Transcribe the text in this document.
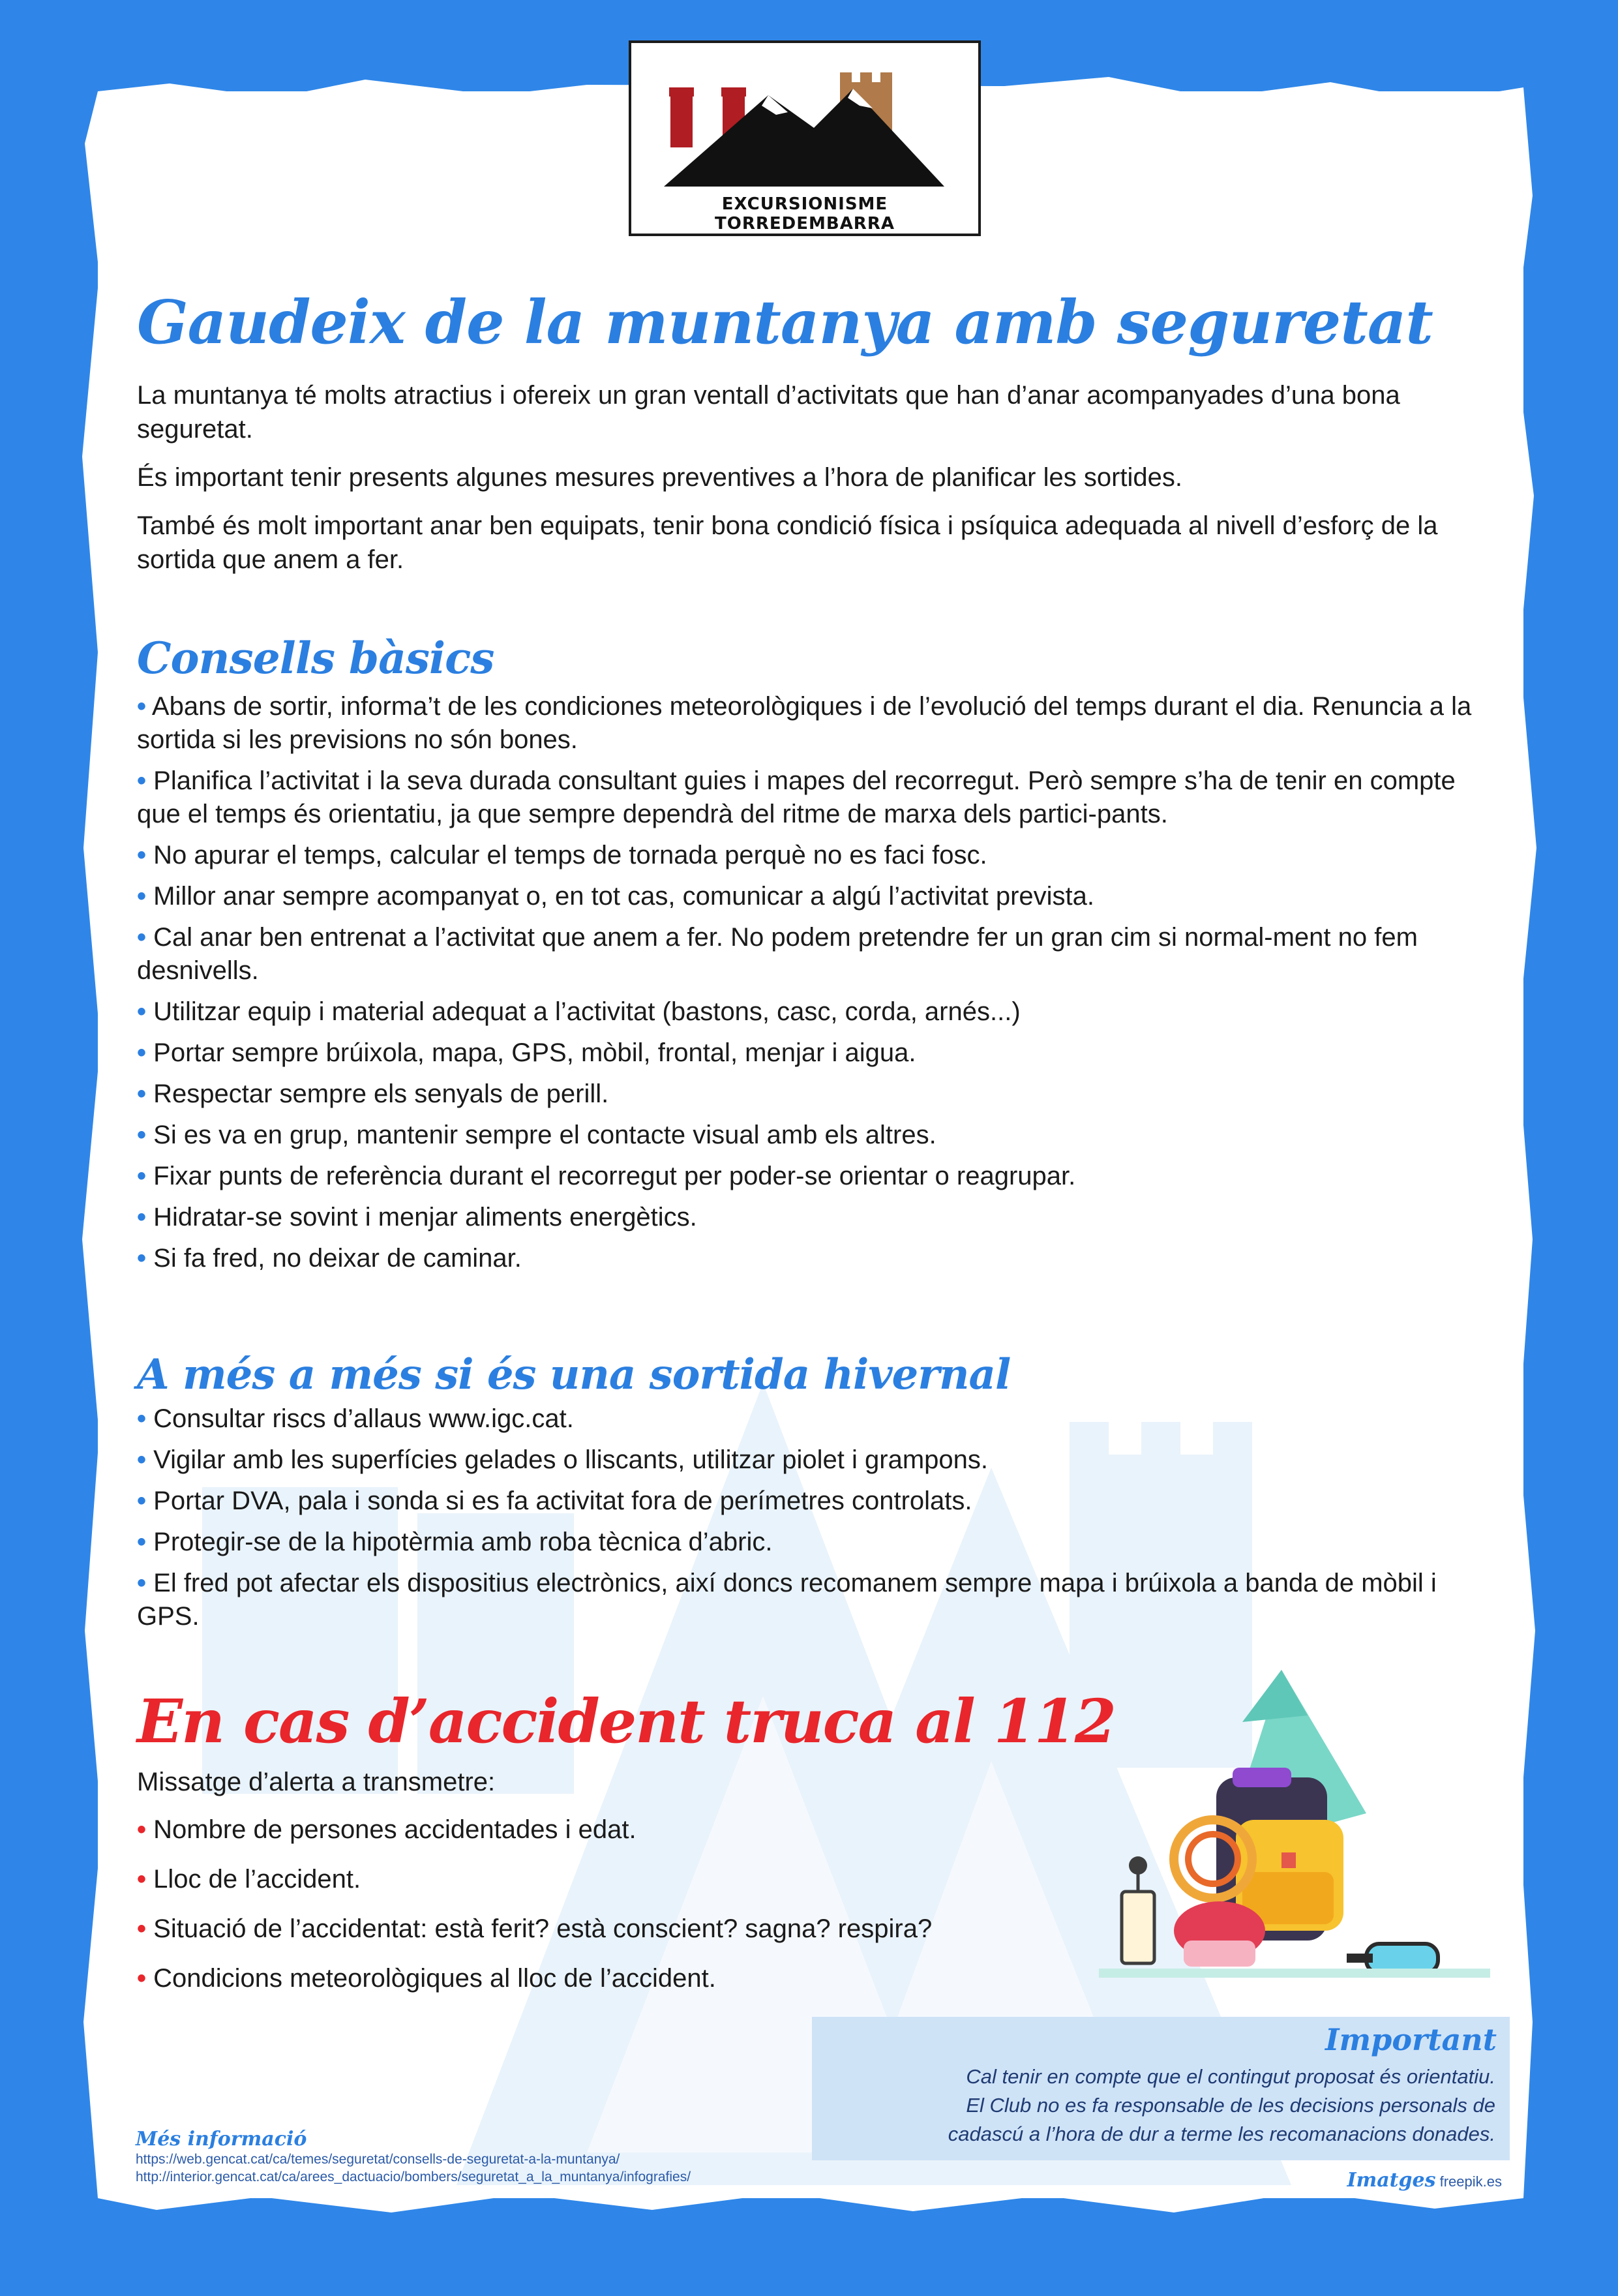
EXCURSIONISME TORREDEMBARRA
Gaudeix de la muntanya amb seguretat

La muntanya té molts atractius i ofereix un gran ventall d’activitats que han d’anar acompanyades d’una bona seguretat.

És important tenir presents algunes mesures preventives a l’hora de planificar les sortides.

També és molt important anar ben equipats, tenir bona condició física i psíquica adequada al nivell d’esforç de la sortida que anem a fer.

Consells bàsics
• Abans de sortir, informa’t de les condiciones meteorològiques i de l’evolució del temps durant el dia. Renuncia a la sortida si les previsions no són bones.
• Planifica l’activitat i la seva durada consultant guies i mapes del recorregut. Però sempre s’ha de tenir en compte que el temps és orientatiu, ja que sempre dependrà del ritme de marxa dels partici-pants.
• No apurar el temps, calcular el temps de tornada perquè no es faci fosc.
• Millor anar sempre acompanyat o, en tot cas, comunicar a algú l’activitat prevista.
• Cal anar ben entrenat a l’activitat que anem a fer. No podem pretendre fer un gran cim si normal-ment no fem desnivells.
• Utilitzar equip i material adequat a l’activitat (bastons, casc, corda, arnés...)
• Portar sempre brúixola, mapa, GPS, mòbil, frontal, menjar i aigua.
• Respectar sempre els senyals de perill.
• Si es va en grup, mantenir sempre el contacte visual amb els altres.
• Fixar punts de referència durant el recorregut per poder-se orientar o reagrupar.
• Hidratar-se sovint i menjar aliments energètics.
• Si fa fred, no deixar de caminar.
A més a més si és una sortida hivernal
• Consultar riscs d’allaus www.igc.cat.
• Vigilar amb les superfícies gelades o lliscants, utilitzar piolet i grampons.
• Portar DVA, pala i sonda si es fa activitat fora de perímetres controlats.
• Protegir-se de la hipotèrmia amb roba tècnica d’abric.
• El fred pot afectar els dispositius electrònics, així doncs recomanem sempre mapa i brúixola a banda de mòbil i GPS.
En cas d’accident truca al 112
Missatge d’alerta a transmetre:
• Nombre de persones accidentades i edat.
• Lloc de l’accident.
• Situació de l’accidentat: està ferit? està conscient? sagna? respira?
• Condicions meteorològiques al lloc de l’accident.
Important
Cal tenir en compte que el contingut proposat és orientatiu.
El Club no es fa responsable de les decisions personals de
cadascú a l’hora de dur a terme les recomanacions donades.
Més informació
https://web.gencat.cat/ca/temes/seguretat/consells-de-seguretat-a-la-muntanya/
http://interior.gencat.cat/ca/arees_dactuacio/bombers/seguretat_a_la_muntanya/infografies/	Imatges freepik.es
